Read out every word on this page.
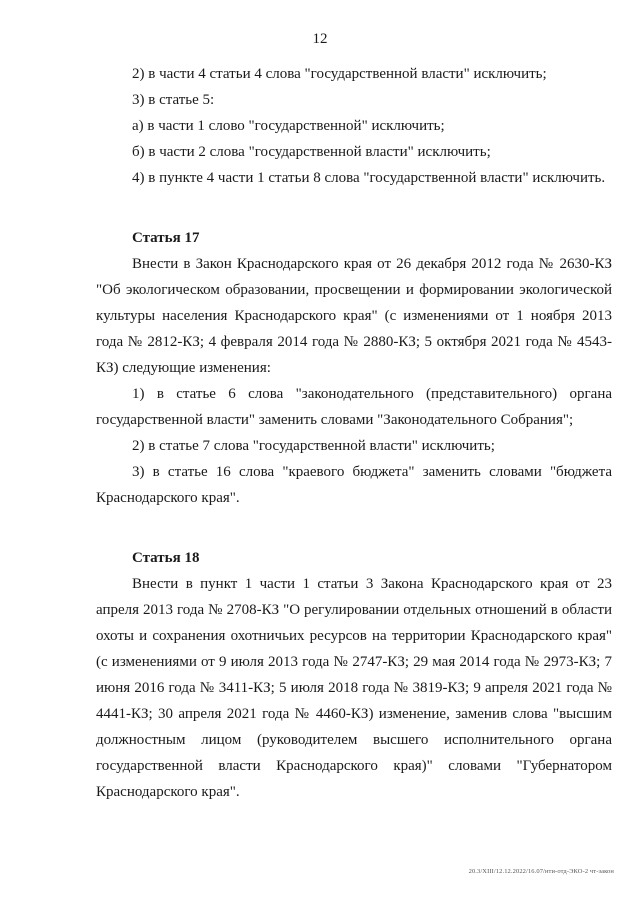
12

2) в части 4 статьи 4 слова "государственной власти" исключить;

3) в статье 5:

а) в части 1 слово "государственной" исключить;

б) в части 2 слова "государственной власти" исключить;

4) в пункте 4 части 1 статьи 8 слова "государственной власти" исключить.

Статья 17

Внести в Закон Краснодарского края от 26 декабря 2012 года № 2630-КЗ "Об экологическом образовании, просвещении и формировании экологической культуры населения Краснодарского края" (с изменениями от 1 ноября 2013 года № 2812-КЗ; 4 февраля 2014 года № 2880-КЗ; 5 октября 2021 года № 4543-КЗ) следующие изменения:

1) в статье 6 слова "законодательного (представительного) органа государственной власти" заменить словами "Законодательного Собрания";

2) в статье 7 слова "государственной власти" исключить;

3) в статье 16 слова "краевого бюджета" заменить словами "бюджета Краснодарского края".

Статья 18

Внести в пункт 1 части 1 статьи 3 Закона Краснодарского края от 23 апреля 2013 года № 2708-КЗ "О регулировании отдельных отношений в области охоты и сохранения охотничьих ресурсов на территории Краснодарского края" (с изменениями от 9 июля 2013 года № 2747-КЗ; 29 мая 2014 года № 2973-КЗ; 7 июня 2016 года № 3411-КЗ; 5 июля 2018 года № 3819-КЗ; 9 апреля 2021 года № 4441-КЗ; 30 апреля 2021 года № 4460-КЗ) изменение, заменив слова "высшим должностным лицом (руководителем высшего исполнительного органа государственной власти Краснодарского края)" словами "Губернатором Краснодарского края".

20.3/ХIII/12.12.2022/16.07/нти-отд-ЭКО-2 чт-закон
